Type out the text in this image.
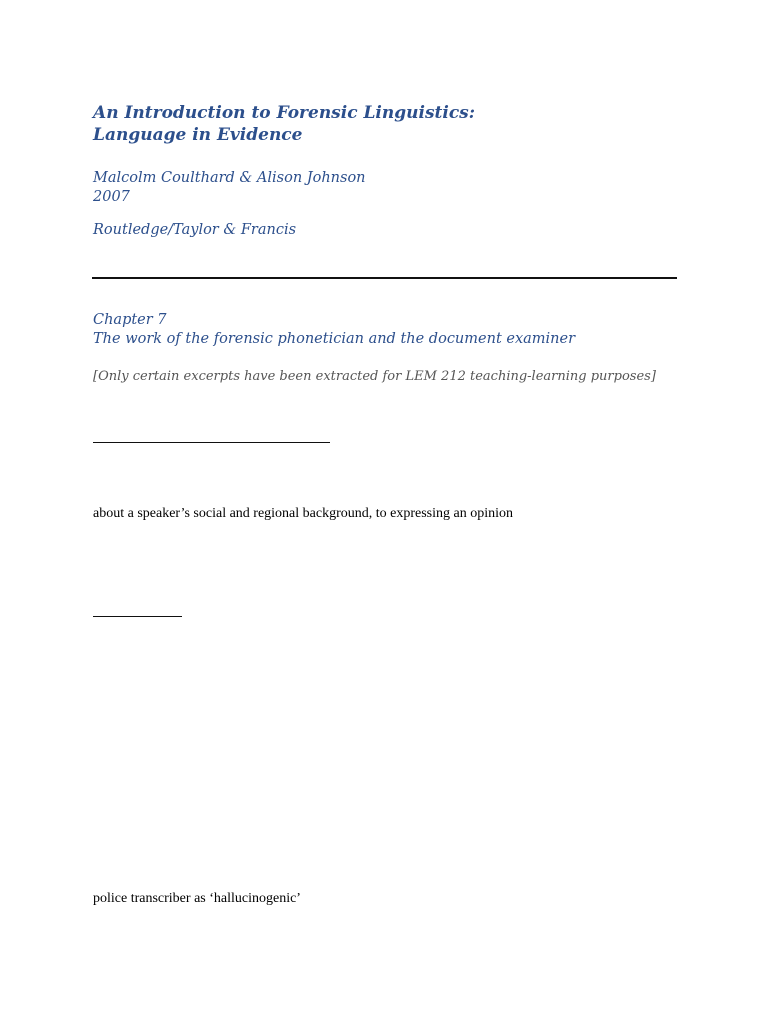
An Introduction to Forensic Linguistics:
Language in Evidence
Malcolm Coulthard & Alison Johnson
2007
Routledge/Taylor & Francis
Chapter 7
The work of the forensic phonetician and the document examiner
[Only certain excerpts have been extracted for LEM 212 teaching-learning purposes]
about a speaker’s social and regional background, to expressing an opinion
police transcriber as ‘hallucinogenic’
